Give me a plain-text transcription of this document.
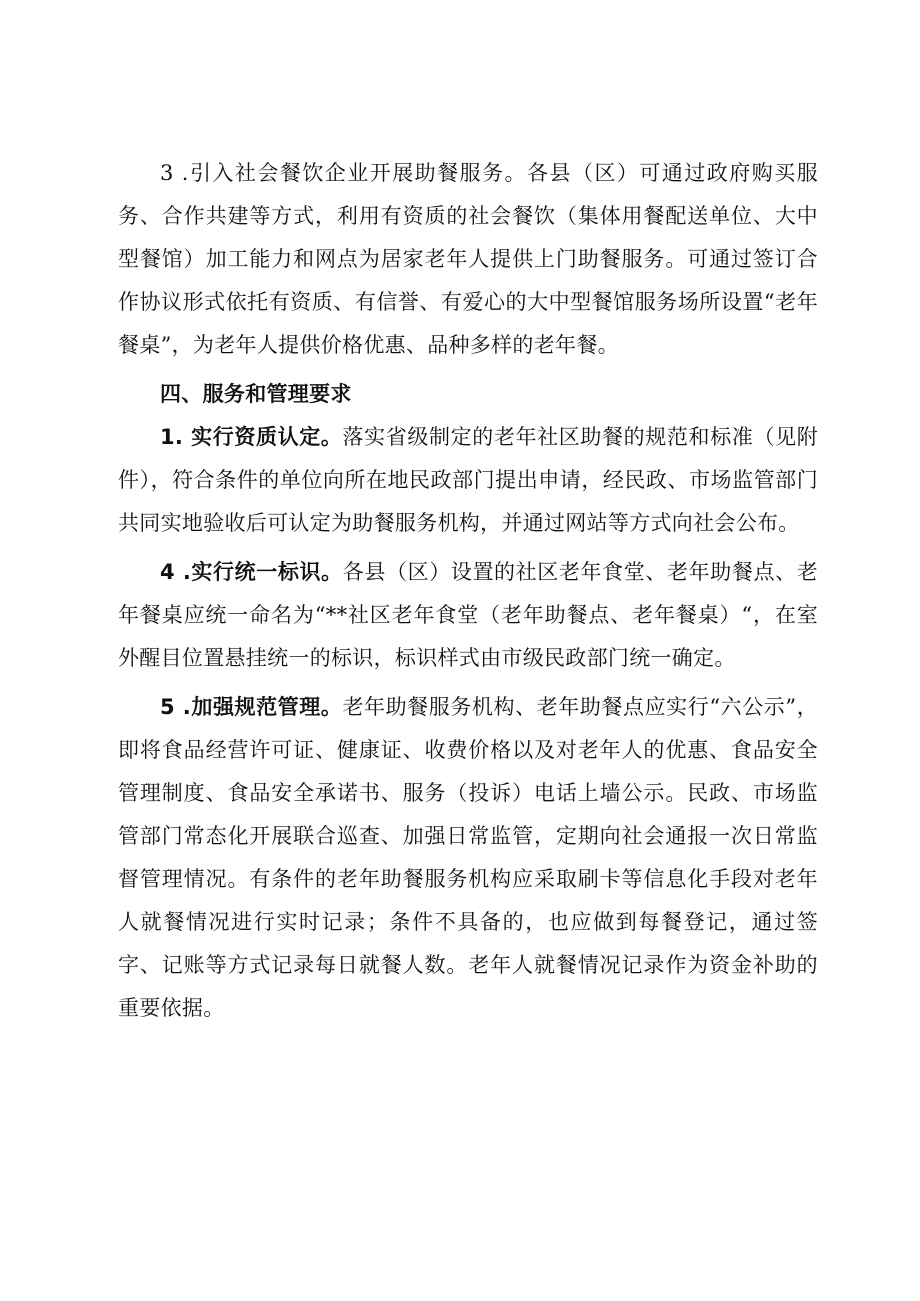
3 .引入社会餐饮企业开展助餐服务。各县（区）可通过政府购买服务、合作共建等方式，利用有资质的社会餐饮（集体用餐配送单位、大中型餐馆）加工能力和网点为居家老年人提供上门助餐服务。可通过签订合作协议形式依托有资质、有信誉、有爱心的大中型餐馆服务场所设置“老年餐桌”，为老年人提供价格优惠、品种多样的老年餐。

四、服务和管理要求

1. 实行资质认定。落实省级制定的老年社区助餐的规范和标准（见附件），符合条件的单位向所在地民政部门提出申请，经民政、市场监管部门共同实地验收后可认定为助餐服务机构，并通过网站等方式向社会公布。

4 .实行统一标识。各县（区）设置的社区老年食堂、老年助餐点、老年餐桌应统一命名为“**社区老年食堂（老年助餐点、老年餐桌）“，在室外醒目位置悬挂统一的标识，标识样式由市级民政部门统一确定。

5 .加强规范管理。老年助餐服务机构、老年助餐点应实行“六公示”，即将食品经营许可证、健康证、收费价格以及对老年人的优惠、食品安全管理制度、食品安全承诺书、服务（投诉）电话上墙公示。民政、市场监管部门常态化开展联合巡查、加强日常监管，定期向社会通报一次日常监督管理情况。有条件的老年助餐服务机构应采取刷卡等信息化手段对老年人就餐情况进行实时记录；条件不具备的，也应做到每餐登记，通过签字、记账等方式记录每日就餐人数。老年人就餐情况记录作为资金补助的重要依据。
